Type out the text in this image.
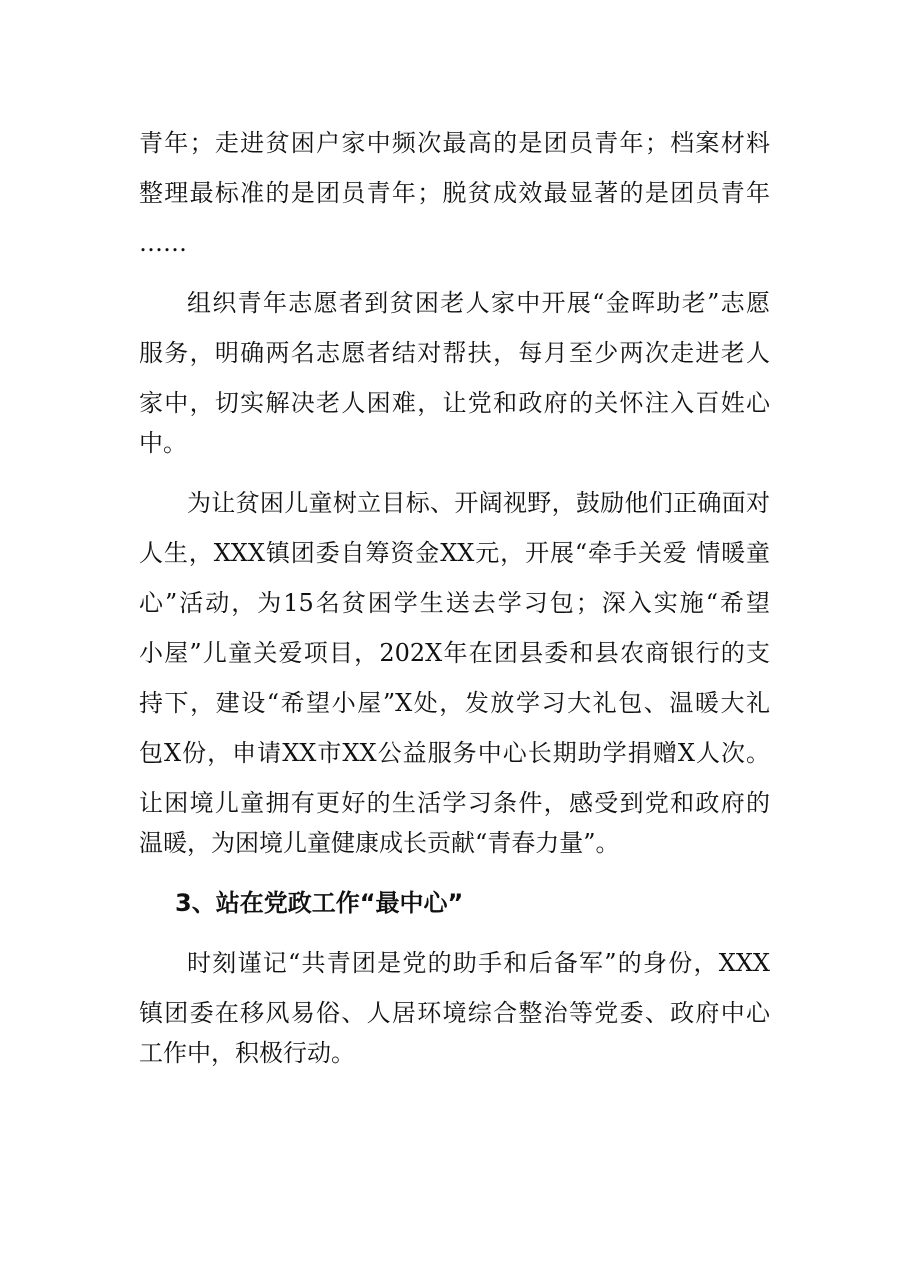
青年；走进贫困户家中频次最高的是团员青年；档案材料
整理最标准的是团员青年；脱贫成效最显著的是团员青年
……
组织青年志愿者到贫困老人家中开展“金晖助老”志愿
服务，明确两名志愿者结对帮扶，每月至少两次走进老人
家中，切实解决老人困难，让党和政府的关怀注入百姓心
中。
为让贫困儿童树立目标、开阔视野，鼓励他们正确面对
人生，XXX镇团委自筹资金XX元，开展“牵手关爱 情暖童
心”活动，为15名贫困学生送去学习包；深入实施“希望
小屋”儿童关爱项目，202X年在团县委和县农商银行的支
持下，建设“希望小屋”X处，发放学习大礼包、温暖大礼
包X份，申请XX市XX公益服务中心长期助学捐赠X人次。
让困境儿童拥有更好的生活学习条件，感受到党和政府的
温暖，为困境儿童健康成长贡献“青春力量”。
3、站在党政工作“最中心”
时刻谨记“共青团是党的助手和后备军”的身份，XXX
镇团委在移风易俗、人居环境综合整治等党委、政府中心
工作中，积极行动。
